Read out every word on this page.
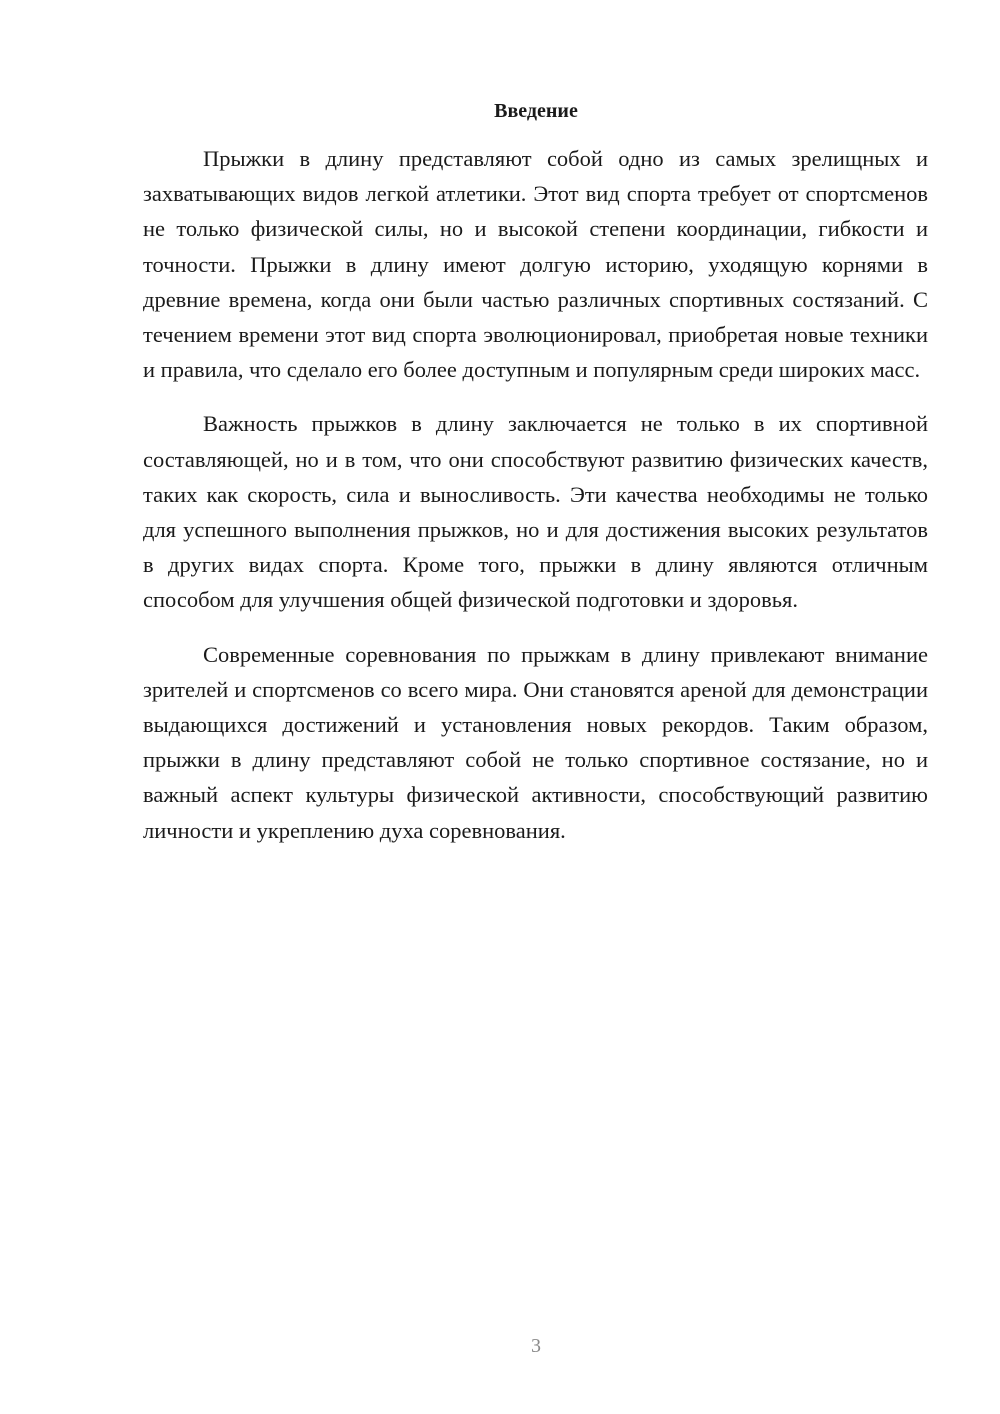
Введение

Прыжки в длину представляют собой одно из самых зрелищных и захватывающих видов легкой атлетики. Этот вид спорта требует от спортсменов не только физической силы, но и высокой степени координации, гибкости и точности. Прыжки в длину имеют долгую историю, уходящую корнями в древние времена, когда они были частью различных спортивных состязаний. С течением времени этот вид спорта эволюционировал, приобретая новые техники и правила, что сделало его более доступным и популярным среди широких масс.

Важность прыжков в длину заключается не только в их спортивной составляющей, но и в том, что они способствуют развитию физических качеств, таких как скорость, сила и выносливость. Эти качества необходимы не только для успешного выполнения прыжков, но и для достижения высоких результатов в других видах спорта. Кроме того, прыжки в длину являются отличным способом для улучшения общей физической подготовки и здоровья.

Современные соревнования по прыжкам в длину привлекают внимание зрителей и спортсменов со всего мира. Они становятся ареной для демонстрации выдающихся достижений и установления новых рекордов. Таким образом, прыжки в длину представляют собой не только спортивное состязание, но и важный аспект культуры физической активности, способствующий развитию личности и укреплению духа соревнования.

3
